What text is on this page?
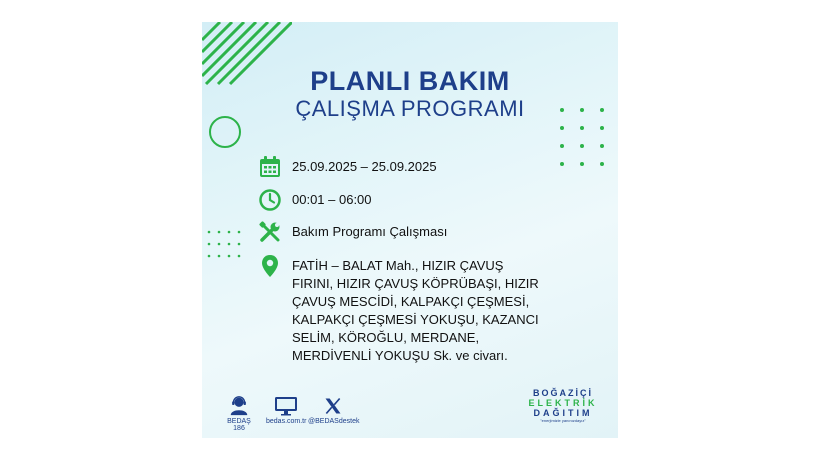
PLANLI BAKIM
ÇALIŞMA PROGRAMI
25.09.2025 – 25.09.2025
00:01 – 06:00
Bakım Programı Çalışması
FATİH – BALAT Mah., HIZIR ÇAVUŞ FIRINI, HIZIR ÇAVUŞ KÖPRÜBAŞI, HIZIR ÇAVUŞ MESCİDİ, KALPAKÇI ÇEŞMESİ, KALPAKÇI ÇEŞMESİ YOKUŞU, KAZANCI SELİM, KÖROĞLU, MERDANE, MERDİVENLİ YOKUŞU Sk. ve civarı.
BEDAŞ 186
bedas.com.tr @BEDASdestek
BOĞAZİÇİ
ELEKTRİK
DAĞITIM
"enerjimizle yanınızdayız"
